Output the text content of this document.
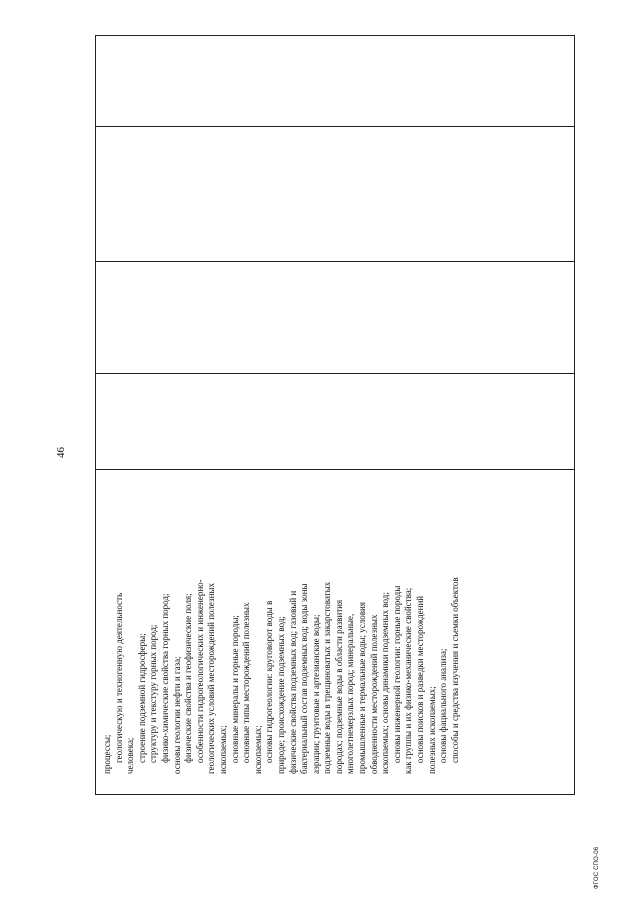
46
процессы; геологическую и техногенную деятельность человека; строение подземной гидросферы; структуру и текстуру горных пород; физико-химические свойства горных пород; основы геологии нефти и газа; физические свойства и геофизические поля; особенности гидрогеологических и инженерно- геологических условий месторождений полезных ископаемых; основные минералы и горные породы; основные типы месторождений полезных ископаемых; основы гидрогеологии: круговорот воды в природе; происхождение подземных вод; физические свойства подземных вод; газовый и бактериальный состав подземных вод; воды зоны аэрации; грунтовые и артезианские воды; подземные воды в трещиноватых и закарстоватых породах; подземные воды в области развития многолетнемерзлых пород; минеральные, промышленные и термальные воды; условия обводненности месторождений полезных ископаемых; основы динамики подземных вод; основы инженерной геологии: горные породы как группы и их физико-механические свойства; основы поисков и разведки месторождений полезных ископаемых; основы фациального анализа; способы и средства изучения и съемки объектов
ФГОС СПО-06
